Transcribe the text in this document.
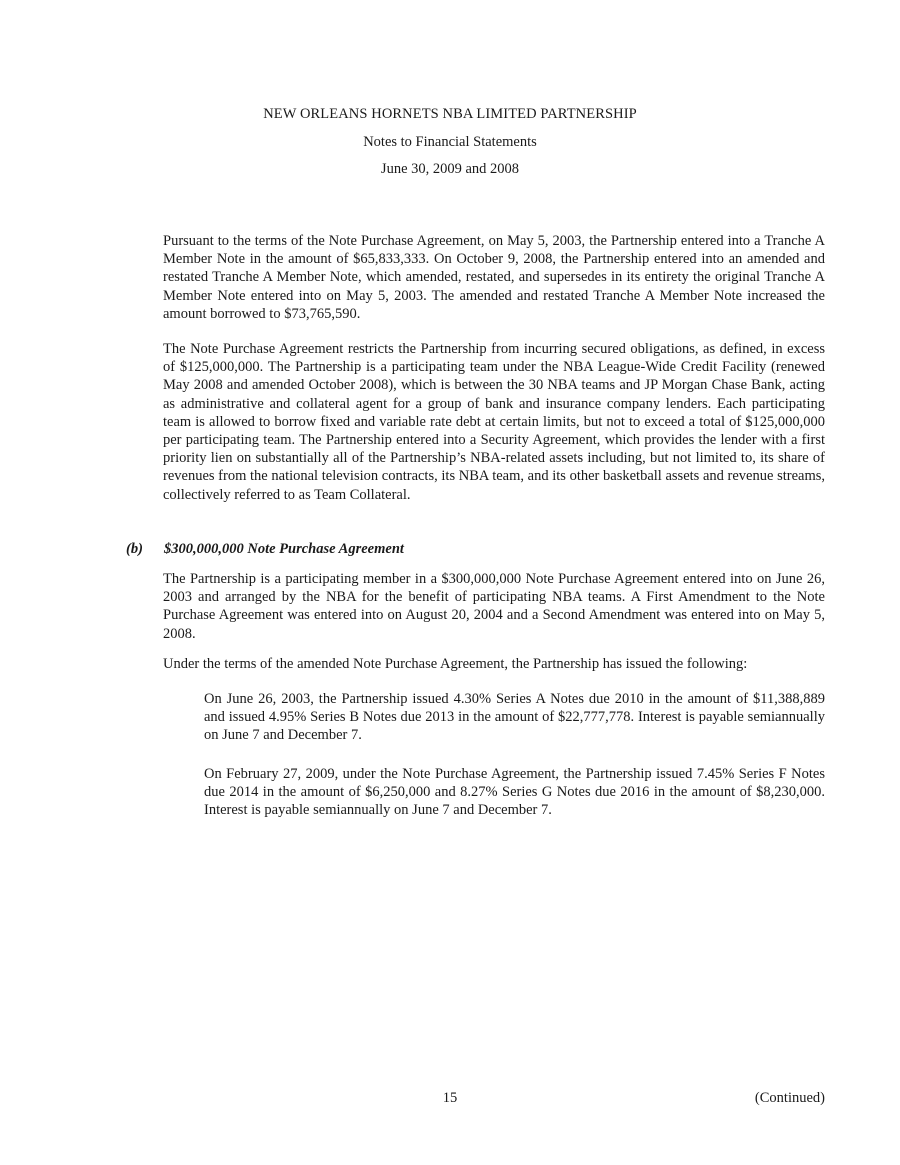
NEW ORLEANS HORNETS NBA LIMITED PARTNERSHIP
Notes to Financial Statements
June 30, 2009 and 2008

Pursuant to the terms of the Note Purchase Agreement, on May 5, 2003, the Partnership entered into a Tranche A Member Note in the amount of $65,833,333. On October 9, 2008, the Partnership entered into an amended and restated Tranche A Member Note, which amended, restated, and supersedes in its entirety the original Tranche A Member Note entered into on May 5, 2003. The amended and restated Tranche A Member Note increased the amount borrowed to $73,765,590.

The Note Purchase Agreement restricts the Partnership from incurring secured obligations, as defined, in excess of $125,000,000. The Partnership is a participating team under the NBA League-Wide Credit Facility (renewed May 2008 and amended October 2008), which is between the 30 NBA teams and JP Morgan Chase Bank, acting as administrative and collateral agent for a group of bank and insurance company lenders. Each participating team is allowed to borrow fixed and variable rate debt at certain limits, but not to exceed a total of $125,000,000 per participating team. The Partnership entered into a Security Agreement, which provides the lender with a first priority lien on substantially all of the Partnership’s NBA-related assets including, but not limited to, its share of revenues from the national television contracts, its NBA team, and its other basketball assets and revenue streams, collectively referred to as Team Collateral.

(b) $300,000,000 Note Purchase Agreement

The Partnership is a participating member in a $300,000,000 Note Purchase Agreement entered into on June 26, 2003 and arranged by the NBA for the benefit of participating NBA teams. A First Amendment to the Note Purchase Agreement was entered into on August 20, 2004 and a Second Amendment was entered into on May 5, 2008.

Under the terms of the amended Note Purchase Agreement, the Partnership has issued the following:

On June 26, 2003, the Partnership issued 4.30% Series A Notes due 2010 in the amount of $11,388,889 and issued 4.95% Series B Notes due 2013 in the amount of $22,777,778. Interest is payable semiannually on June 7 and December 7.

On February 27, 2009, under the Note Purchase Agreement, the Partnership issued 7.45% Series F Notes due 2014 in the amount of $6,250,000 and 8.27% Series G Notes due 2016 in the amount of $8,230,000. Interest is payable semiannually on June 7 and December 7.

15	(Continued)
